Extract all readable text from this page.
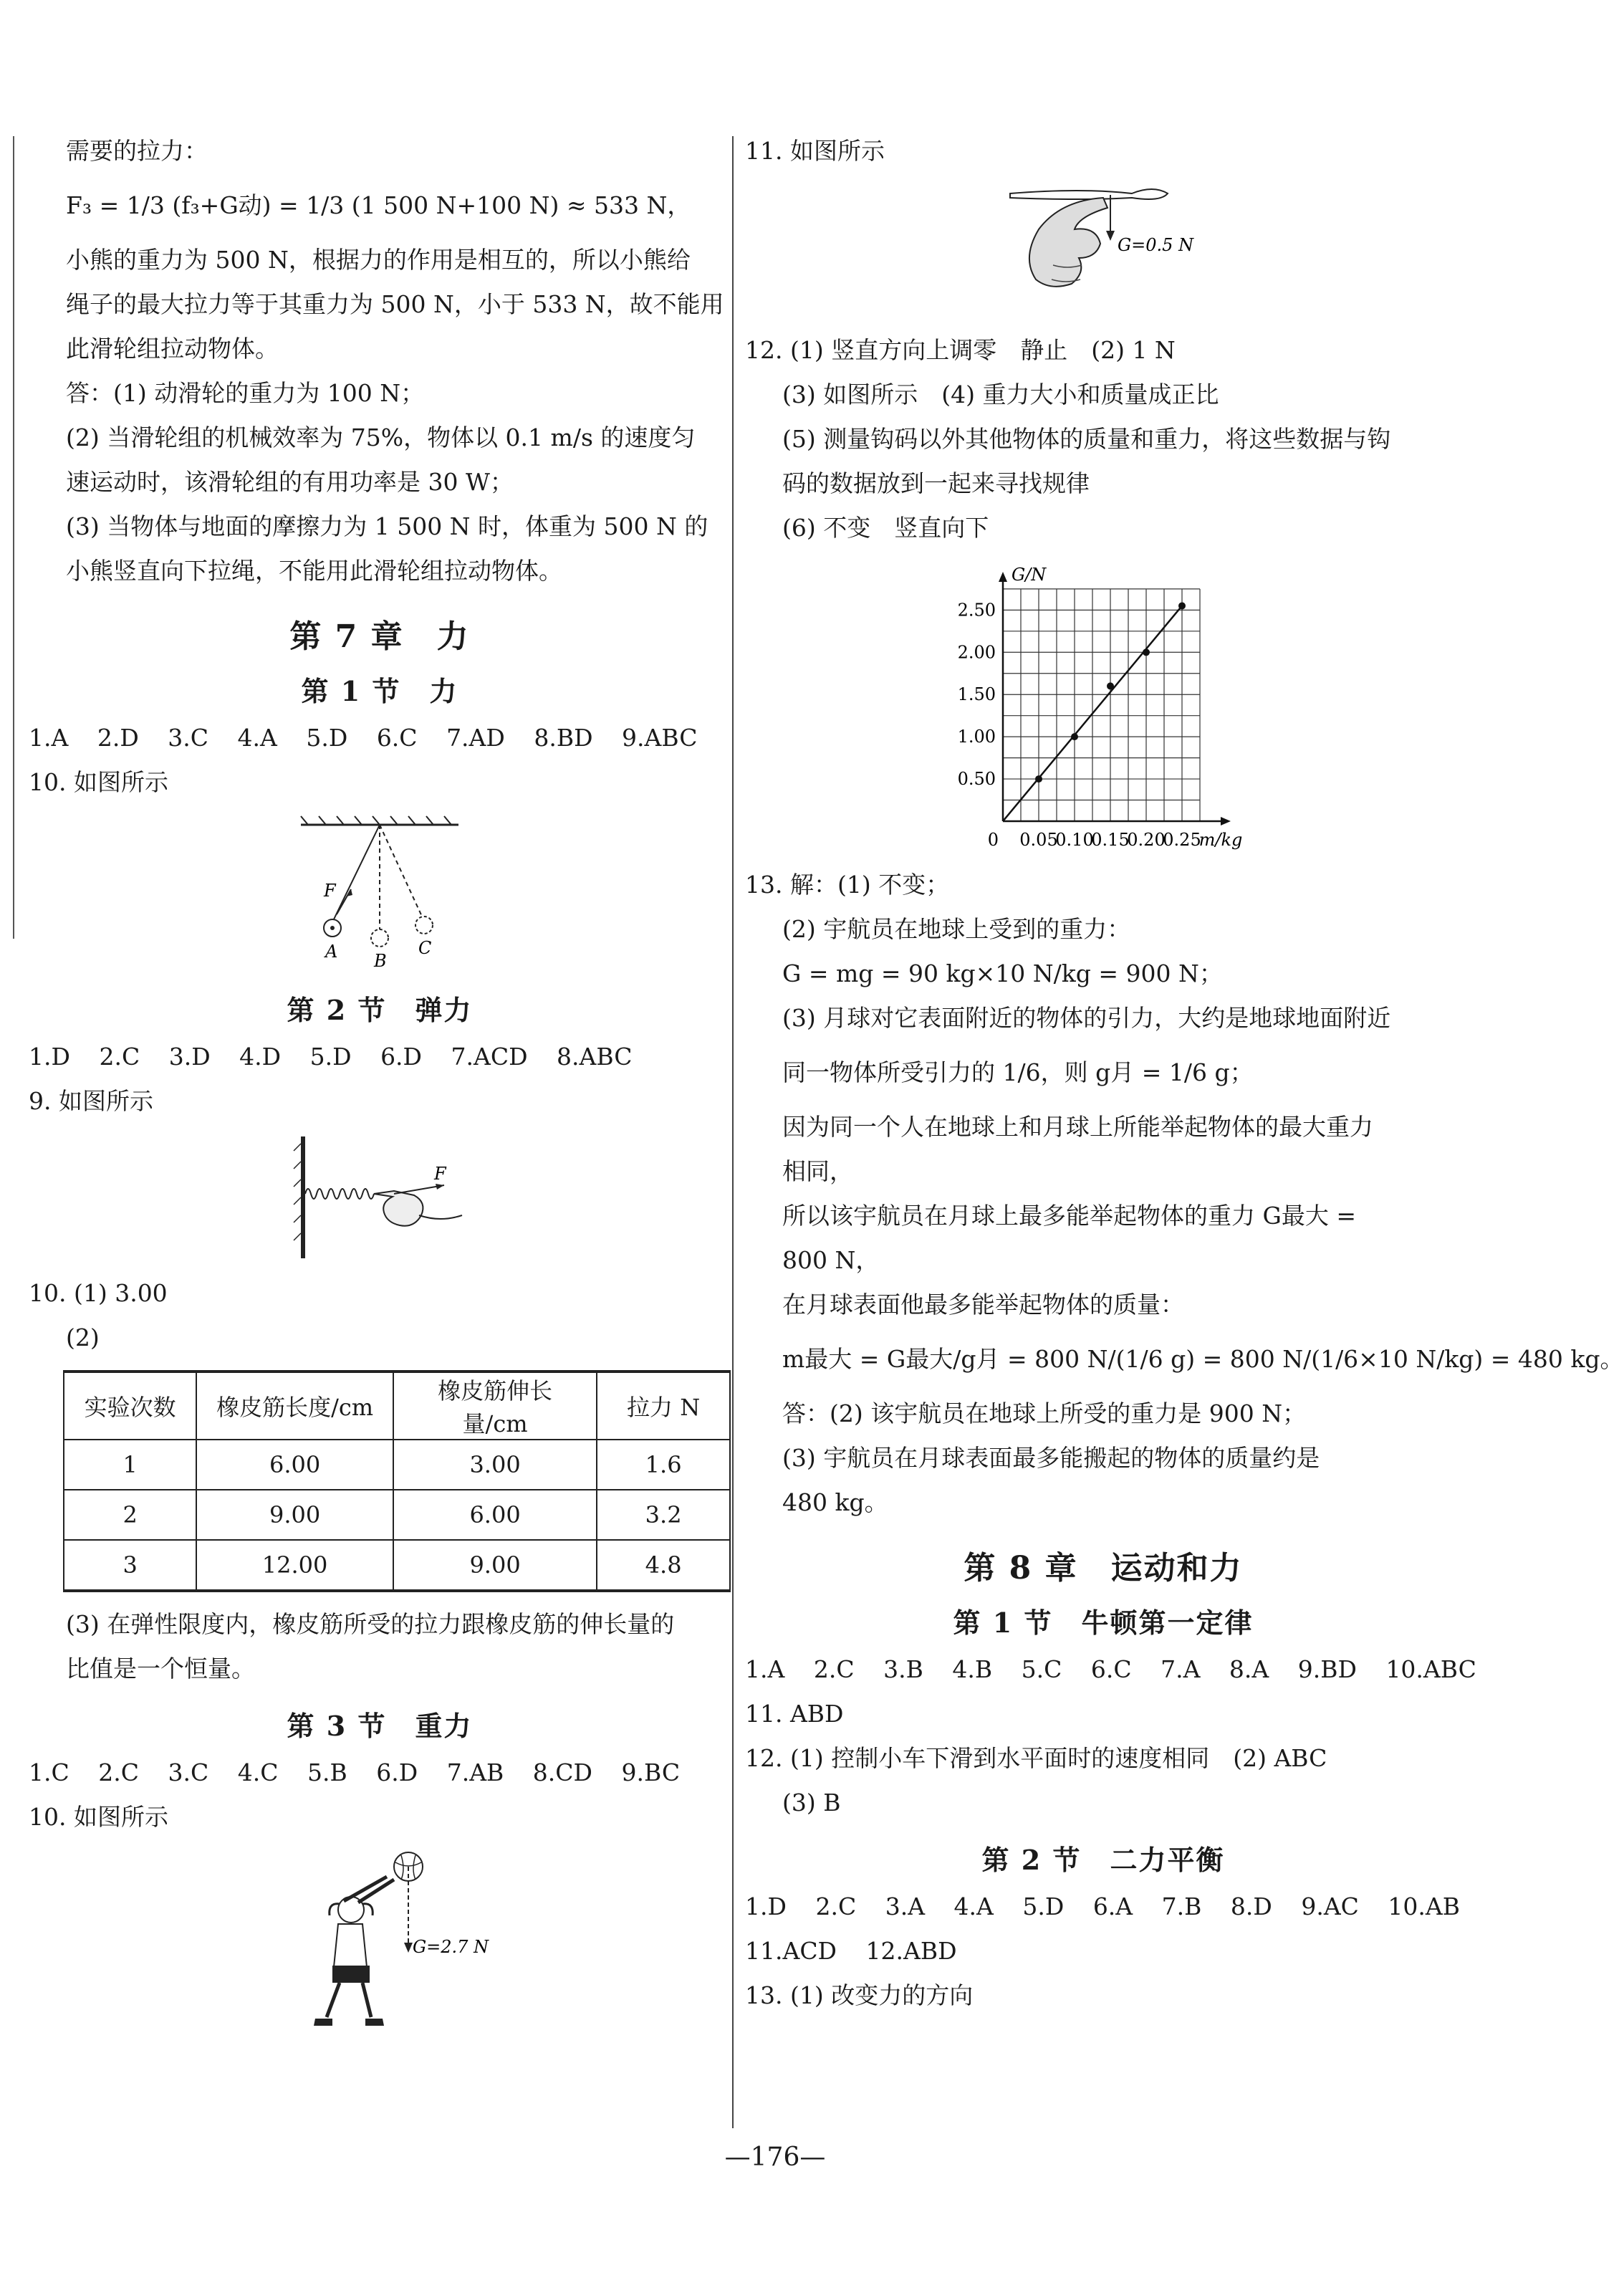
需要的拉力：

F₃ = 1/3 (f₃+G动) = 1/3 (1 500 N+100 N) ≈ 533 N，

小熊的重力为 500 N，根据力的作用是相互的，所以小熊给

绳子的最大拉力等于其重力为 500 N，小于 533 N，故不能用

此滑轮组拉动物体。

答：(1) 动滑轮的重力为 100 N；

(2) 当滑轮组的机械效率为 75%，物体以 0.1 m/s 的速度匀

速运动时，该滑轮组的有用功率是 30 W；

(3) 当物体与地面的摩擦力为 1 500 N 时，体重为 500 N 的

小熊竖直向下拉绳，不能用此滑轮组拉动物体。

第 7 章　力
第 1 节　力

1.A 2.D 3.C 4.A 5.D 6.C 7.AD 8.BD 9.ABC

10. 如图所示

F
A B
C
第 2 节　弹力

1.D 2.C 3.D 4.D 5.D 6.D 7.ACD 8.ABC

9. 如图所示

F

10. (1) 3.00

(2)

实验次数	橡皮筋长度/cm	橡皮筋伸长量/cm	拉力 N
1	6.00	3.00	1.6
2	9.00	6.00	3.2
3	12.00	9.00	4.8

(3) 在弹性限度内，橡皮筋所受的拉力跟橡皮筋的伸长量的

比值是一个恒量。

第 3 节　重力

1.C 2.C 3.C 4.C 5.B 6.D 7.AB 8.CD 9.BC

10. 如图所示

G=2.7 N

11. 如图所示

G=0.5 N

12. (1) 竖直方向上调零　静止　(2) 1 N

(3) 如图所示　(4) 重力大小和质量成正比

(5) 测量钩码以外其他物体的质量和重力，将这些数据与钩

码的数据放到一起来寻找规律

(6) 不变　竖直向下

0.05
0.10
0.15
0.20
0.25
0.50
1.00
1.50
2.00
2.50
0	m/kg
G/N

13. 解：(1) 不变；

(2) 宇航员在地球上受到的重力：

G = mg = 90 kg×10 N/kg = 900 N；

(3) 月球对它表面附近的物体的引力，大约是地球地面附近

同一物体所受引力的 1/6，则 g月 = 1/6 g；

因为同一个人在地球上和月球上所能举起物体的最大重力

相同，

所以该宇航员在月球上最多能举起物体的重力 G最大 =

800 N，

在月球表面他最多能举起物体的质量：

m最大 = G最大/g月 = 800 N/(1/6 g) = 800 N/(1/6×10 N/kg) = 480 kg。

答：(2) 该宇航员在地球上所受的重力是 900 N；

(3) 宇航员在月球表面最多能搬起的物体的质量约是

480 kg。

第 8 章　运动和力
第 1 节　牛顿第一定律

1.A 2.C 3.B 4.B 5.C 6.C 7.A 8.A 9.BD 10.ABC

11. ABD

12. (1) 控制小车下滑到水平面时的速度相同　(2) ABC

(3) B

第 2 节　二力平衡

1.D 2.C 3.A 4.A 5.D 6.A 7.B 8.D 9.AC 10.AB

11.ACD 12.ABD

13. (1) 改变力的方向

—176—
